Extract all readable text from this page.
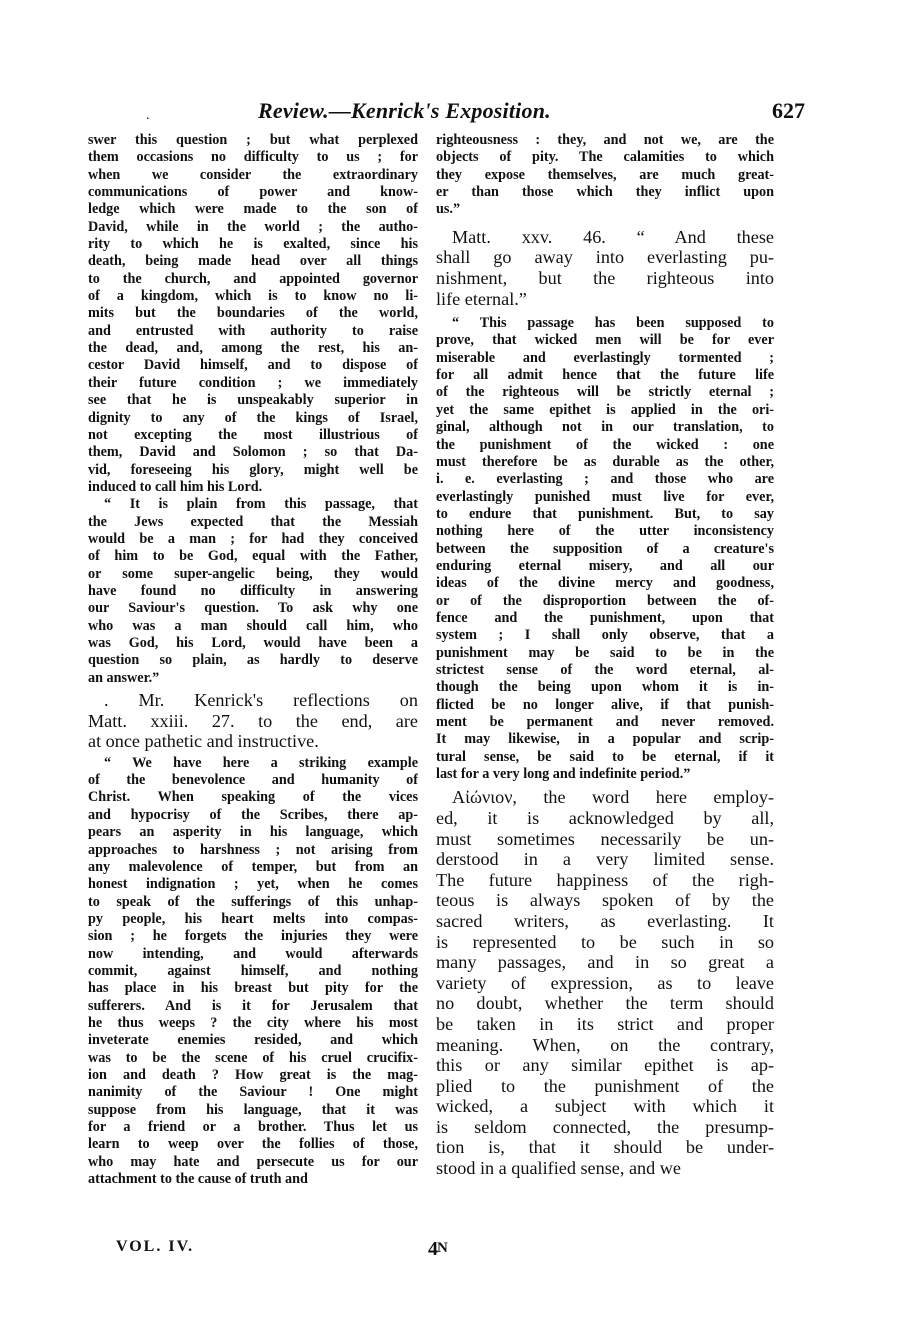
.	Review.—Kenrick's Exposition.	627
swer this question ; but what perplexed
them occasions no difficulty to us ; for
when we consider the extraordinary
communications of power and know-
ledge which were made to the son of
David, while in the world ; the autho-
rity to which he is exalted, since his
death, being made head over all things
to the church, and appointed governor
of a kingdom, which is to know no li-
mits but the boundaries of the world,
and entrusted with authority to raise
the dead, and, among the rest, his an-
cestor David himself, and to dispose of
their future condition ; we immediately
see that he is unspeakably superior in
dignity to any of the kings of Israel,
not excepting the most illustrious of
them, David and Solomon ; so that Da-
vid, foreseeing his glory, might well be
induced to call him his Lord.
“ It is plain from this passage, that
the Jews expected that the Messiah
would be a man ; for had they conceived
of him to be God, equal with the Father,
or some super-angelic being, they would
have found no difficulty in answering
our Saviour's question. To ask why one
who was a man should call him, who
was God, his Lord, would have been a
question so plain, as hardly to deserve
an answer.”
. Mr. Kenrick's reflections on
Matt. xxiii. 27. to the end, are
at once pathetic and instructive.
“ We have here a striking example
of the benevolence and humanity of
Christ. When speaking of the vices
and hypocrisy of the Scribes, there ap-
pears an asperity in his language, which
approaches to harshness ; not arising from
any malevolence of temper, but from an
honest indignation ; yet, when he comes
to speak of the sufferings of this unhap-
py people, his heart melts into compas-
sion ; he forgets the injuries they were
now intending, and would afterwards
commit, against himself, and nothing
has place in his breast but pity for the
sufferers. And is it for Jerusalem that
he thus weeps ? the city where his most
inveterate enemies resided, and which
was to be the scene of his cruel crucifix-
ion and death ? How great is the mag-
nanimity of the Saviour ! One might
suppose from his language, that it was
for a friend or a brother. Thus let us
learn to weep over the follies of those,
who may hate and persecute us for our
attachment to the cause of truth and
righteousness : they, and not we, are the
objects of pity. The calamities to which
they expose themselves, are much great-
er than those which they inflict upon
us.”
Matt. xxv. 46. “ And these
shall go away into everlasting pu-
nishment, but the righteous into
life eternal.”
“ This passage has been supposed to
prove, that wicked men will be for ever
miserable and everlastingly tormented ;
for all admit hence that the future life
of the righteous will be strictly eternal ;
yet the same epithet is applied in the ori-
ginal, although not in our translation, to
the punishment of the wicked : one
must therefore be as durable as the other,
i. e. everlasting ; and those who are
everlastingly punished must live for ever,
to endure that punishment. But, to say
nothing here of the utter inconsistency
between the supposition of a creature's
enduring eternal misery, and all our
ideas of the divine mercy and goodness,
or of the disproportion between the of-
fence and the punishment, upon that
system ; I shall only observe, that a
punishment may be said to be in the
strictest sense of the word eternal, al-
though the being upon whom it is in-
flicted be no longer alive, if that punish-
ment be permanent and never removed.
It may likewise, in a popular and scrip-
tural sense, be said to be eternal, if it
last for a very long and indefinite period.”
Αἰώνιον, the word here employ-
ed, it is acknowledged by all,
must sometimes necessarily be un-
derstood in a very limited sense.
The future happiness of the righ-
teous is always spoken of by the
sacred writers, as everlasting. It
is represented to be such in so
many passages, and in so great a
variety of expression, as to leave
no doubt, whether the term should
be taken in its strict and proper
meaning. When, on the contrary,
this or any similar epithet is ap-
plied to the punishment of the
wicked, a subject with which it
is seldom connected, the presump-
tion is, that it should be under-
stood in a qualified sense, and we
VOL. IV.	4 N
